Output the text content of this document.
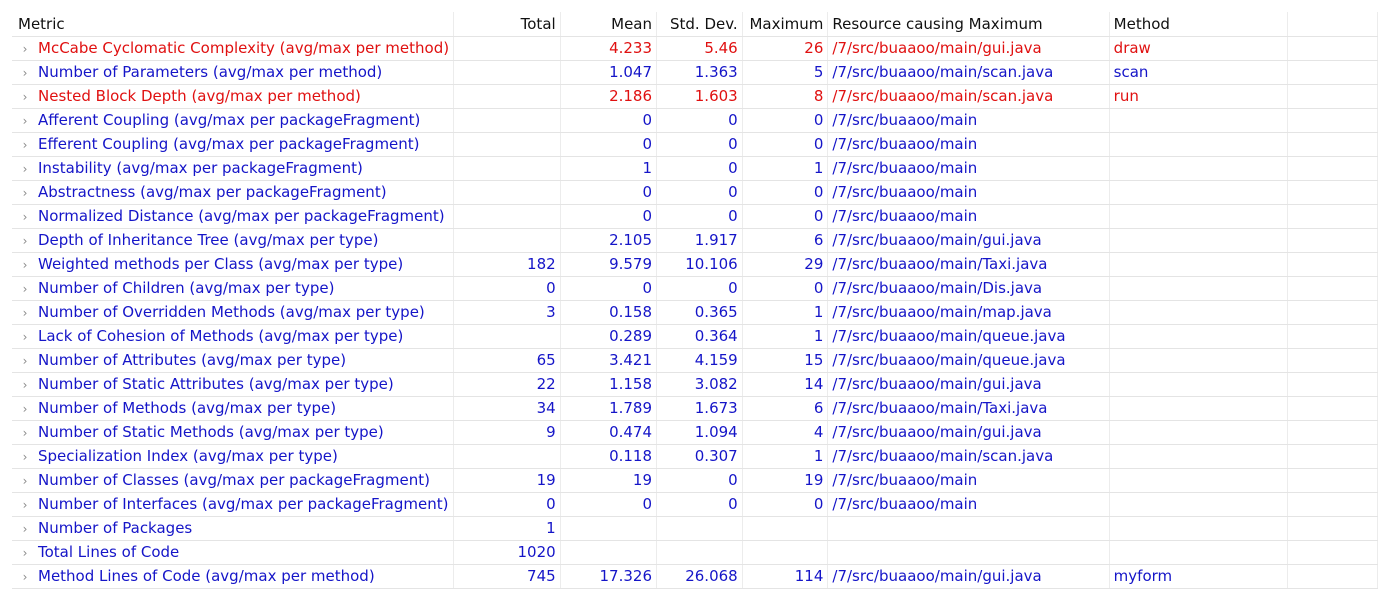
Metric	Total	Mean	Std. Dev.	Maximum	Resource causing Maximum	Method	
› McCabe Cyclomatic Complexity (avg/max per method)		4.233	5.46	26	/7/src/buaaoo/main/gui.java	draw	
› Number of Parameters (avg/max per method)		1.047	1.363	5	/7/src/buaaoo/main/scan.java	scan	
› Nested Block Depth (avg/max per method)		2.186	1.603	8	/7/src/buaaoo/main/scan.java	run	
› Afferent Coupling (avg/max per packageFragment)		0	0	0	/7/src/buaaoo/main		
› Efferent Coupling (avg/max per packageFragment)		0	0	0	/7/src/buaaoo/main		
› Instability (avg/max per packageFragment)		1	0	1	/7/src/buaaoo/main		
› Abstractness (avg/max per packageFragment)		0	0	0	/7/src/buaaoo/main		
› Normalized Distance (avg/max per packageFragment)		0	0	0	/7/src/buaaoo/main		
› Depth of Inheritance Tree (avg/max per type)		2.105	1.917	6	/7/src/buaaoo/main/gui.java		
› Weighted methods per Class (avg/max per type)	182	9.579	10.106	29	/7/src/buaaoo/main/Taxi.java		
› Number of Children (avg/max per type)	0	0	0	0	/7/src/buaaoo/main/Dis.java		
› Number of Overridden Methods (avg/max per type)	3	0.158	0.365	1	/7/src/buaaoo/main/map.java		
› Lack of Cohesion of Methods (avg/max per type)		0.289	0.364	1	/7/src/buaaoo/main/queue.java		
› Number of Attributes (avg/max per type)	65	3.421	4.159	15	/7/src/buaaoo/main/queue.java		
› Number of Static Attributes (avg/max per type)	22	1.158	3.082	14	/7/src/buaaoo/main/gui.java		
› Number of Methods (avg/max per type)	34	1.789	1.673	6	/7/src/buaaoo/main/Taxi.java		
› Number of Static Methods (avg/max per type)	9	0.474	1.094	4	/7/src/buaaoo/main/gui.java		
› Specialization Index (avg/max per type)		0.118	0.307	1	/7/src/buaaoo/main/scan.java		
› Number of Classes (avg/max per packageFragment)	19	19	0	19	/7/src/buaaoo/main		
› Number of Interfaces (avg/max per packageFragment)	0	0	0	0	/7/src/buaaoo/main		
› Number of Packages	1						
› Total Lines of Code	1020						
› Method Lines of Code (avg/max per method)	745	17.326	26.068	114	/7/src/buaaoo/main/gui.java	myform	
